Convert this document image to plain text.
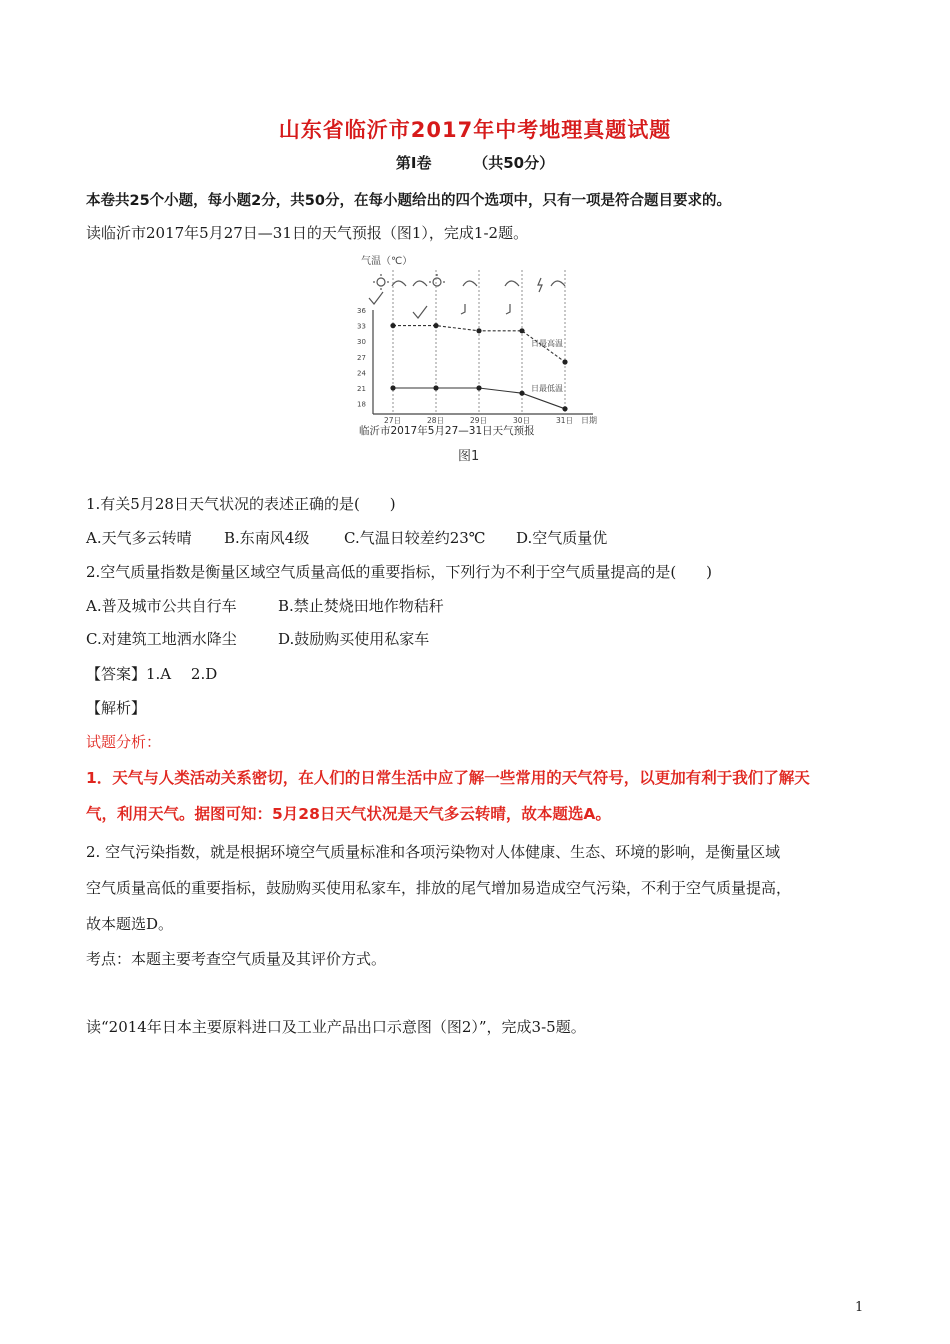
山东省临沂市2017年中考地理真题试题
第Ⅰ卷        （共50分）
本卷共25个小题，每小题2分，共50分，在每小题给出的四个选项中，只有一项是符合题目要求的。
读临沂市2017年5月27日—31日的天气预报（图1），完成1-2题。
气温（℃）
18
21
24
27
30
33
36
27日	28日	29日	30日	31日
日最高温
日最低温
日期
临沂市2017年5月27—31日天气预报
图1
1.有关5月28日天气状况的表述正确的是(　　)
A.天气多云转晴 B.东南风4级 C.气温日较差约23℃ D.空气质量优
2.空气质量指数是衡量区域空气质量高低的重要指标，下列行为不利于空气质量提高的是(　　)
A.普及城市公共自行车	B.禁止焚烧田地作物秸秆
C.对建筑工地洒水降尘	D.鼓励购买使用私家车
【答案】1.A　 2.D
【解析】
试题分析：
1．天气与人类活动关系密切，在人们的日常生活中应了解一些常用的天气符号，以更加有利于我们了解天
气，利用天气。据图可知：5月28日天气状况是天气多云转晴，故本题选A。
2. 空气污染指数，就是根据环境空气质量标准和各项污染物对人体健康、生态、环境的影响，是衡量区域
空气质量高低的重要指标，鼓励购买使用私家车，排放的尾气增加易造成空气污染，不利于空气质量提高，
故本题选D。
考点：本题主要考查空气质量及其评价方式。
读“2014年日本主要原料进口及工业产品出口示意图（图2）”，完成3-5题。
1
